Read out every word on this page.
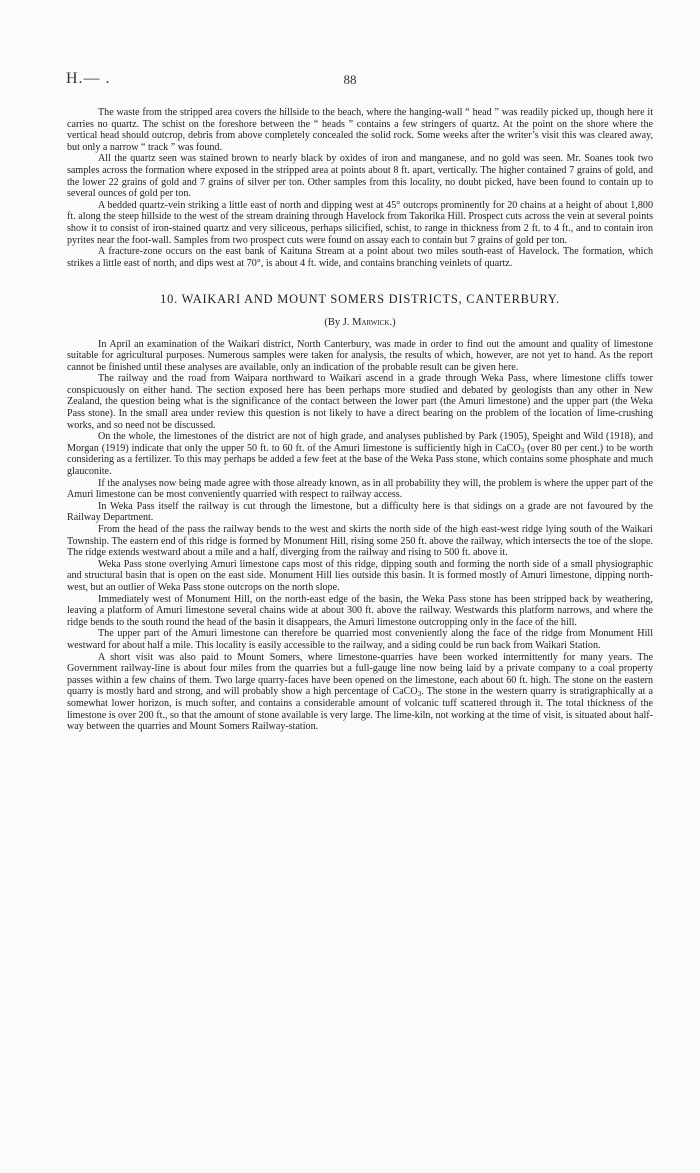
H.— .	88

The waste from the stripped area covers the hillside to the beach, where the hanging-wall “ head ” was readily picked up, though here it carries no quartz. The schist on the foreshore between the “ heads ” contains a few stringers of quartz. At the point on the shore where the vertical head should outcrop, debris from above completely concealed the solid rock. Some weeks after the writer’s visit this was cleared away, but only a narrow “ track ” was found.

All the quartz seen was stained brown to nearly black by oxides of iron and manganese, and no gold was seen. Mr. Soanes took two samples across the formation where exposed in the stripped area at points about 8 ft. apart, vertically. The higher contained 7 grains of gold, and the lower 22 grains of gold and 7 grains of silver per ton. Other samples from this locality, no doubt picked, have been found to contain up to several ounces of gold per ton.

A bedded quartz-vein striking a little east of north and dipping west at 45° outcrops prominently for 20 chains at a height of about 1,800 ft. along the steep hillside to the west of the stream draining through Havelock from Takorika Hill. Prospect cuts across the vein at several points show it to consist of iron-stained quartz and very siliceous, perhaps silicified, schist, to range in thickness from 2 ft. to 4 ft., and to contain iron pyrites near the foot-wall. Samples from two prospect cuts were found on assay each to contain but 7 grains of gold per ton.

A fracture-zone occurs on the east bank of Kaituna Stream at a point about two miles south-east of Havelock. The formation, which strikes a little east of north, and dips west at 70°, is about 4 ft. wide, and contains branching veinlets of quartz.

10. WAIKARI AND MOUNT SOMERS DISTRICTS, CANTERBURY.
(By J. Marwick.)

In April an examination of the Waikari district, North Canterbury, was made in order to find out the amount and quality of limestone suitable for agricultural purposes. Numerous samples were taken for analysis, the results of which, however, are not yet to hand. As the report cannot be finished until these analyses are available, only an indication of the probable result can be given here.

The railway and the road from Waipara northward to Waikari ascend in a grade through Weka Pass, where limestone cliffs tower conspicuously on either hand. The section exposed here has been perhaps more studied and debated by geologists than any other in New Zealand, the question being what is the significance of the contact between the lower part (the Amuri limestone) and the upper part (the Weka Pass stone). In the small area under review this question is not likely to have a direct bearing on the problem of the location of lime-crushing works, and so need not be discussed.

On the whole, the limestones of the district are not of high grade, and analyses published by Park (1905), Speight and Wild (1918), and Morgan (1919) indicate that only the upper 50 ft. to 60 ft. of the Amuri limestone is sufficiently high in CaCO$_3$ (over 80 per cent.) to be worth considering as a fertilizer. To this may perhaps be added a few feet at the base of the Weka Pass stone, which contains some phosphate and much glauconite.

If the analyses now being made agree with those already known, as in all probability they will, the problem is where the upper part of the Amuri limestone can be most conveniently quarried with respect to railway access.

In Weka Pass itself the railway is cut through the limestone, but a difficulty here is that sidings on a grade are not favoured by the Railway Department.

From the head of the pass the railway bends to the west and skirts the north side of the high east-west ridge lying south of the Waikari Township. The eastern end of this ridge is formed by Monument Hill, rising some 250 ft. above the railway, which intersects the toe of the slope. The ridge extends westward about a mile and a half, diverging from the railway and rising to 500 ft. above it.

Weka Pass stone overlying Amuri limestone caps most of this ridge, dipping south and forming the north side of a small physiographic and structural basin that is open on the east side. Monument Hill lies outside this basin. It is formed mostly of Amuri limestone, dipping north-west, but an outlier of Weka Pass stone outcrops on the north slope.

Immediately west of Monument Hill, on the north-east edge of the basin, the Weka Pass stone has been stripped back by weathering, leaving a platform of Amuri limestone several chains wide at about 300 ft. above the railway. Westwards this platform narrows, and where the ridge bends to the south round the head of the basin it disappears, the Amuri limestone outcropping only in the face of the hill.

The upper part of the Amuri limestone can therefore be quarried most conveniently along the face of the ridge from Monument Hill westward for about half a mile. This locality is easily accessible to the railway, and a siding could be run back from Waikari Station.

A short visit was also paid to Mount Somers, where limestone-quarries have been worked intermittently for many years. The Government railway-line is about four miles from the quarries but a full-gauge line now being laid by a private company to a coal property passes within a few chains of them. Two large quarry-faces have been opened on the limestone, each about 60 ft. high. The stone on the eastern quarry is mostly hard and strong, and will probably show a high percentage of CaCO$_3$. The stone in the western quarry is stratigraphically at a somewhat lower horizon, is much softer, and contains a considerable amount of volcanic tuff scattered through it. The total thickness of the limestone is over 200 ft., so that the amount of stone available is very large. The lime-kiln, not working at the time of visit, is situated about half-way between the quarries and Mount Somers Railway-station.
